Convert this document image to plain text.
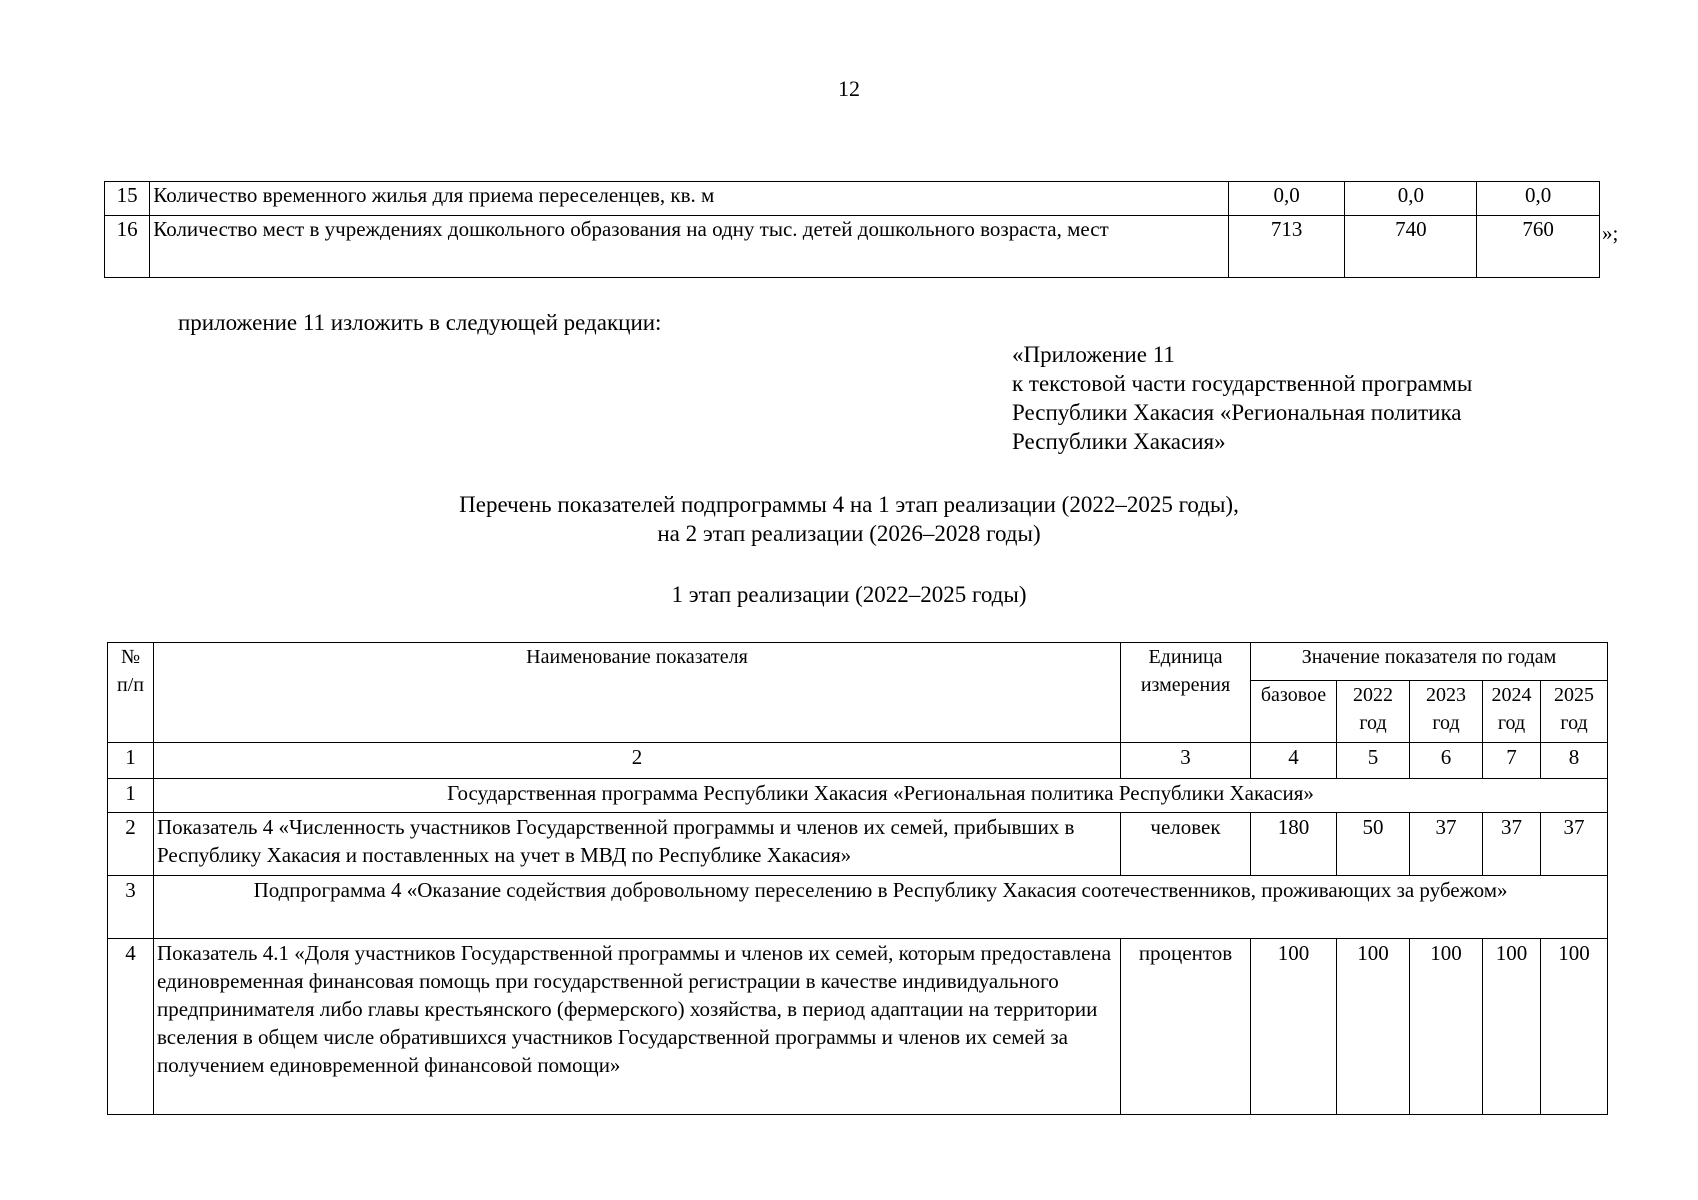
12
15	Количество временного жилья для приема переселенцев, кв. м	0,0	0,0	0,0
16	Количество мест в учреждениях дошкольного образования на одну тыс. детей дошкольного возраста, мест	713	740	760 »;
приложение 11 изложить в следующей редакции:
«Приложение 11
к текстовой части государственной программы
Республики Хакасия «Региональная политика
Республики Хакасия»
Перечень показателей подпрограммы 4 на 1 этап реализации (2022–2025 годы),
на 2 этап реализации (2026–2028 годы)
1 этап реализации (2022–2025 годы)
№ п/п	Наименование показателя	Единица измерения	Значение показателя по годам				
			базовое	2022 год	2023 год	2024 год	2025 год
1	2	3	4	5	6	7	8
1	Государственная программа Республики Хакасия «Региональная политика Республики Хакасия»						
2	Показатель 4 «Численность участников Государственной программы и членов их семей, прибывших в Республику Хакасия и поставленных на учет в МВД по Республике Хакасия»	человек	180	50	37	37	37
3	Подпрограмма 4 «Оказание содействия добровольному переселению в Республику Хакасия соотечественников, проживающих за рубежом»						
4	Показатель 4.1 «Доля участников Государственной программы и членов их семей, которым предоставлена единовременная финансовая помощь при государственной регистрации в качестве индивидуального предпринимателя либо главы крестьянского (фермерского) хозяйства, в период адаптации на территории вселения в общем числе обратившихся участников Государственной программы и членов их семей за получением единовременной финансовой помощи»	процентов	100	100	100	100	100
